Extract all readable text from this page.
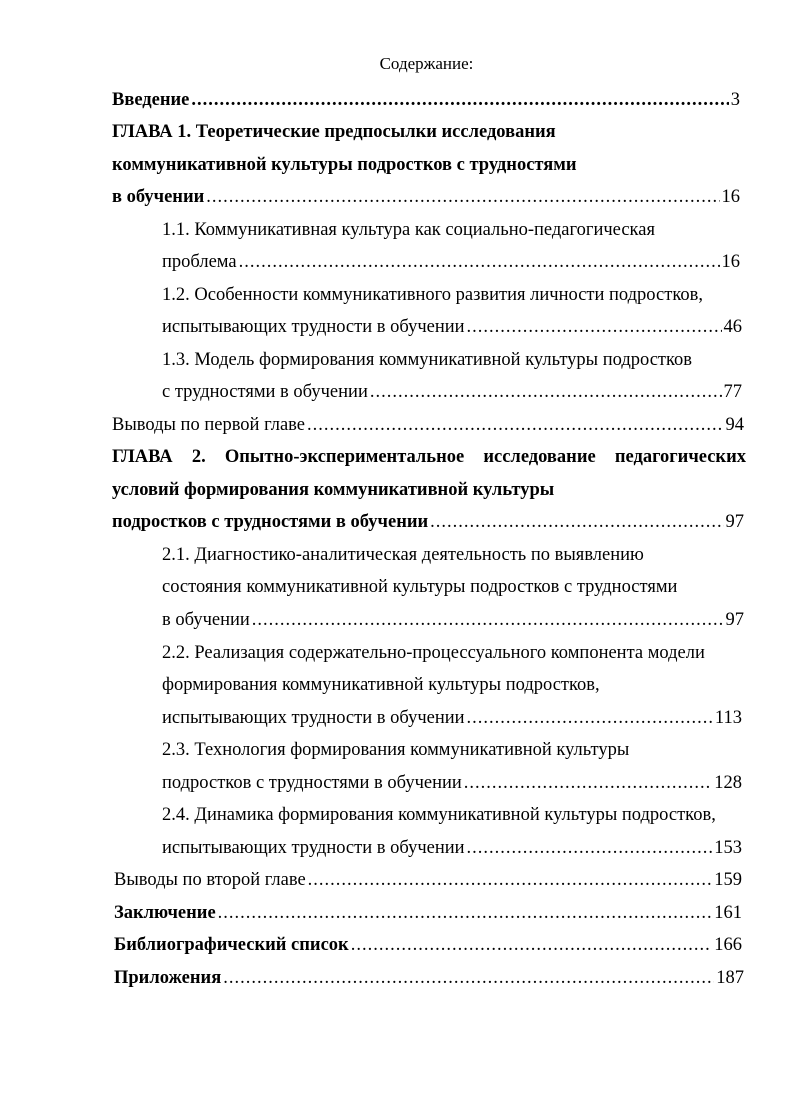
Содержание:
Введение .....	3
ГЛАВА 1. Теоретические предпосылки исследования
коммуникативной культуры подростков с трудностями
в обучении .....	16
1.1. Коммуникативная культура как социально-педагогическая
проблема .....	16
1.2. Особенности коммуникативного развития личности подростков,
испытывающих трудности в обучении .....	46
1.3. Модель формирования коммуникативной культуры подростков
с трудностями в обучении .....	77
Выводы по первой главе .....	94
ГЛАВА 2. Опытно-экспериментальное исследование педагогических
условий формирования коммуникативной культуры
подростков с трудностями в обучении .....	97
2.1. Диагностико-аналитическая деятельность по выявлению
состояния коммуникативной культуры подростков с трудностями
в обучении .....	97
2.2. Реализация содержательно-процессуального компонента модели
формирования коммуникативной культуры подростков,
испытывающих трудности в обучении .....	113
2.3. Технология формирования коммуникативной культуры
подростков с трудностями в обучении .....	128
2.4. Динамика формирования коммуникативной культуры подростков,
испытывающих трудности в обучении .....	153
Выводы по второй главе .....	159
Заключение .....	161
Библиографический список .....	166
Приложения .....	187
